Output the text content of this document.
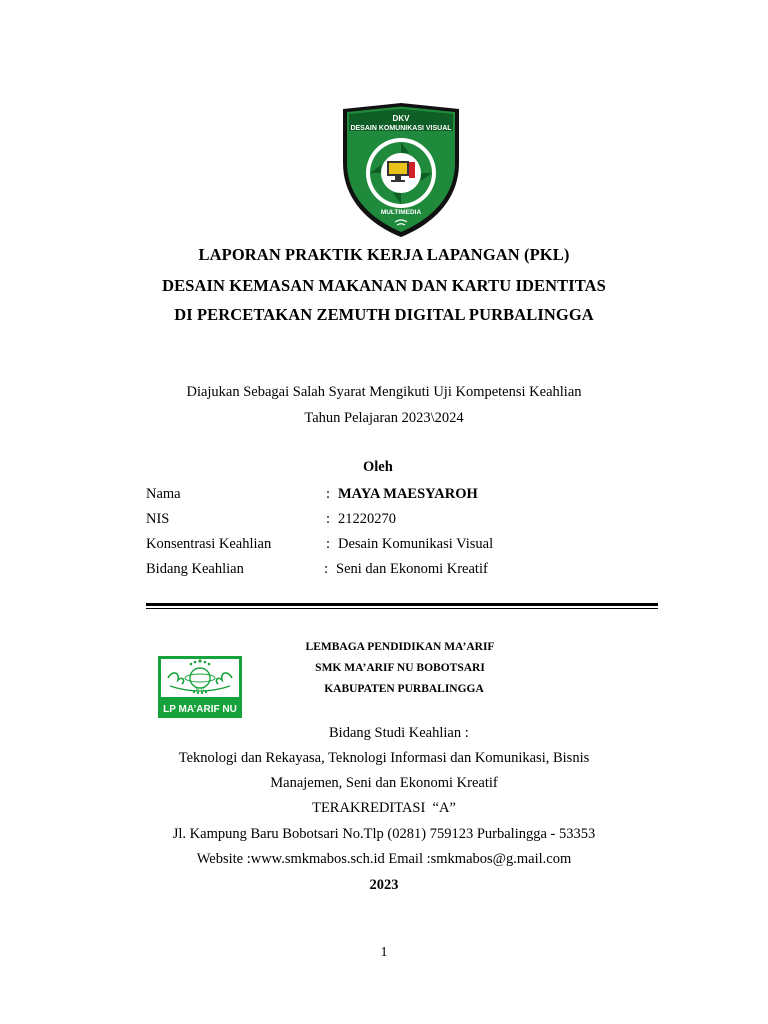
DKV
DESAIN KOMUNIKASI VISUAL
MULTIMEDIA
LAPORAN PRAKTIK KERJA LAPANGAN (PKL)
DESAIN KEMASAN MAKANAN DAN KARTU IDENTITAS
DI PERCETAKAN ZEMUTH DIGITAL PURBALINGGA
Diajukan Sebagai Salah Syarat Mengikuti Uji Kompetensi Keahlian
Tahun Pelajaran 2023\2024
Oleh
Nama	: MAYA MAESYAROH
NIS	: 21220270
Konsentrasi Keahlian	: Desain Komunikasi Visual
Bidang Keahlian	: Seni dan Ekonomi Kreatif
N U
LP MA’ARIF NU
LEMBAGA PENDIDIKAN MA’ARIF
SMK MA’ARIF NU BOBOTSARI
KABUPATEN PURBALINGGA
Bidang Studi Keahlian :
Teknologi dan Rekayasa, Teknologi Informasi dan Komunikasi, Bisnis
Manajemen, Seni dan Ekonomi Kreatif
TERAKREDITASI  “A”
Jl. Kampung Baru Bobotsari No.Tlp (0281) 759123 Purbalingga - 53353
Website :www.smkmabos.sch.id Email :smkmabos@g.mail.com
2023
1
